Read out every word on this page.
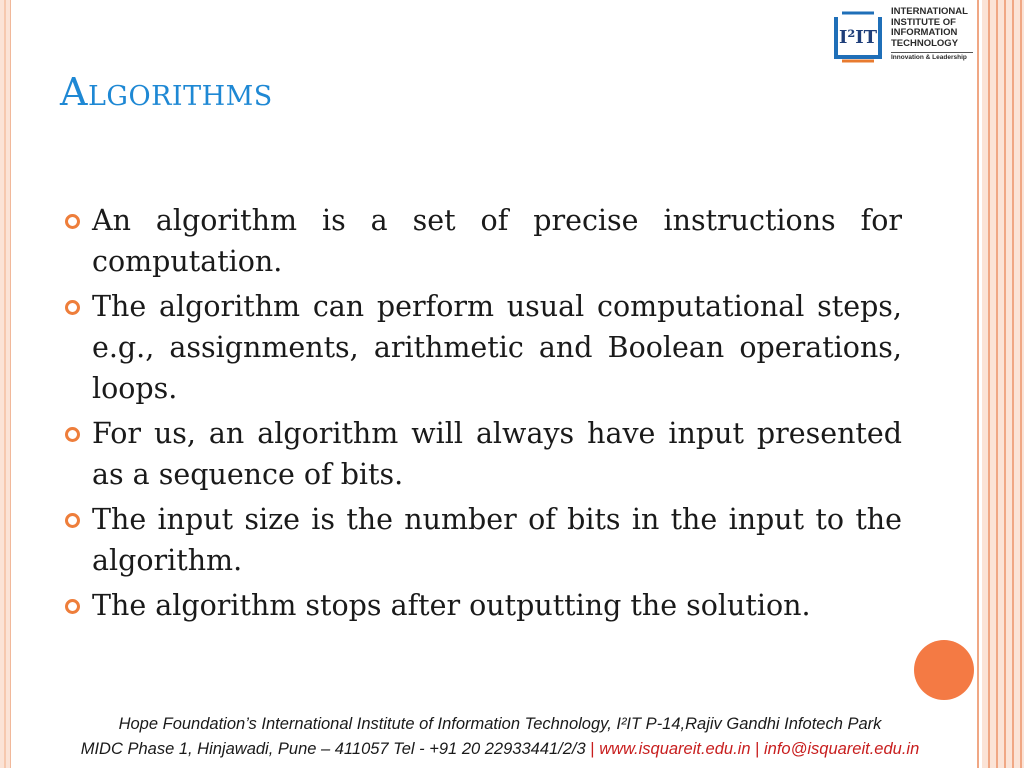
I²IT
INTERNATIONAL
INSTITUTE OF
INFORMATION
TECHNOLOGY
Innovation & Leadership
Algorithms
An algorithm is a set of precise instructions for computation.
The algorithm can perform usual computational steps, e.g., assignments, arithmetic and Boolean operations, loops.
For us, an algorithm will always have input presented as a sequence of bits.
The input size is the number of bits in the input to the algorithm.
The algorithm stops after outputting the solution.
Hope Foundation’s International Institute of Information Technology, I²IT P-14,Rajiv Gandhi Infotech Park
MIDC Phase 1, Hinjawadi, Pune – 411057 Tel - +91 20 22933441/2/3 | www.isquareit.edu.in | info@isquareit.edu.in
